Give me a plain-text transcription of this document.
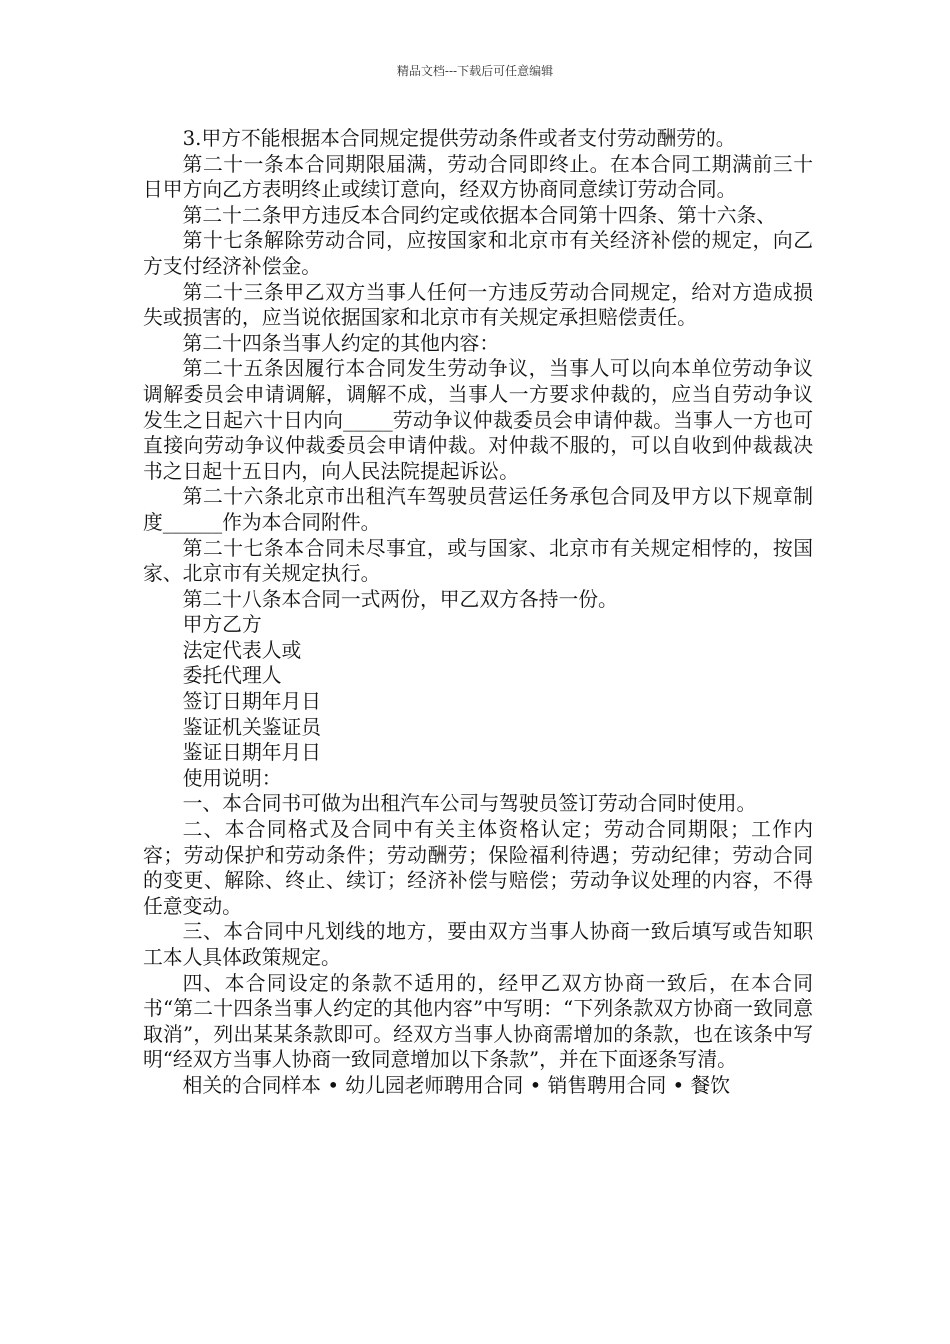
精品文档---下载后可任意编辑

3.甲方不能根据本合同规定提供劳动条件或者支付劳动酬劳的。

第二十一条本合同期限届满，劳动合同即终止。在本合同工期满前三十日甲方向乙方表明终止或续订意向，经双方协商同意续订劳动合同。

第二十二条甲方违反本合同约定或依据本合同第十四条、第十六条、

第十七条解除劳动合同，应按国家和北京市有关经济补偿的规定，向乙方支付经济补偿金。

第二十三条甲乙双方当事人任何一方违反劳动合同规定，给对方造成损失或损害的，应当说依据国家和北京市有关规定承担赔偿责任。

第二十四条当事人约定的其他内容：

第二十五条因履行本合同发生劳动争议，当事人可以向本单位劳动争议调解委员会申请调解，调解不成，当事人一方要求仲裁的，应当自劳动争议发生之日起六十日内向_____劳动争议仲裁委员会申请仲裁。当事人一方也可直接向劳动争议仲裁委员会申请仲裁。对仲裁不服的，可以自收到仲裁裁决书之日起十五日内，向人民法院提起诉讼。

第二十六条北京市出租汽车驾驶员营运任务承包合同及甲方以下规章制度______作为本合同附件。

第二十七条本合同未尽事宜，或与国家、北京市有关规定相悖的，按国家、北京市有关规定执行。

第二十八条本合同一式两份，甲乙双方各持一份。

甲方乙方

法定代表人或

委托代理人

签订日期年月日

鉴证机关鉴证员

鉴证日期年月日

使用说明：

一、本合同书可做为出租汽车公司与驾驶员签订劳动合同时使用。

二、本合同格式及合同中有关主体资格认定；劳动合同期限；工作内容；劳动保护和劳动条件；劳动酬劳；保险福利待遇；劳动纪律；劳动合同的变更、解除、终止、续订；经济补偿与赔偿；劳动争议处理的内容，不得任意变动。

三、本合同中凡划线的地方，要由双方当事人协商一致后填写或告知职工本人具体政策规定。

四、本合同设定的条款不适用的，经甲乙双方协商一致后，在本合同书“第二十四条当事人约定的其他内容”中写明：“下列条款双方协商一致同意取消”，列出某某条款即可。经双方当事人协商需增加的条款，也在该条中写明“经双方当事人协商一致同意增加以下条款”，并在下面逐条写清。

相关的合同样本 • 幼儿园老师聘用合同 • 销售聘用合同 • 餐饮
